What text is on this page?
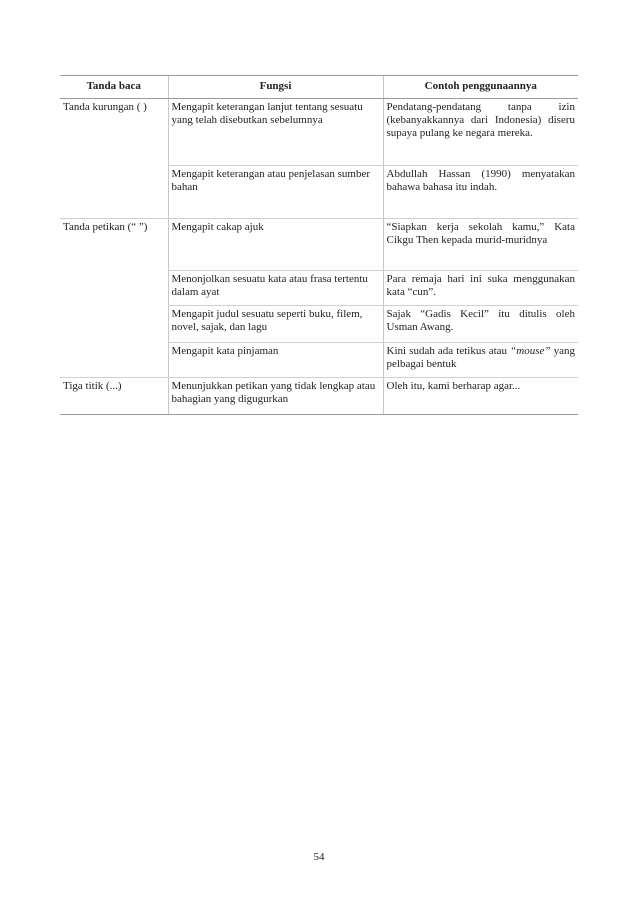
Tanda baca	Fungsi	Contoh penggunaannya
Tanda kurungan ( )	Mengapit keterangan lanjut tentang sesuatu yang telah disebutkan sebelumnya	Pendatang-pendatang tanpa izin (kebanyakkannya dari Indonesia) diseru supaya pulang ke negara mereka.
	Mengapit keterangan atau penjelasan sumber bahan	Abdullah Hassan (1990) menyatakan bahawa bahasa itu indah.
Tanda petikan (“ ”)	Mengapit cakap ajuk	“Siapkan kerja sekolah kamu,” Kata Cikgu Then kepada murid-muridnya
	Menonjolkan sesuatu kata atau frasa tertentu dalam ayat	Para remaja hari ini suka menggunakan kata “cun”.
	Mengapit judul sesuatu seperti buku, filem, novel, sajak, dan lagu	Sajak “Gadis Kecil” itu ditulis oleh Usman Awang.
	Mengapit kata pinjaman	Kini sudah ada tetikus atau “mouse” yang pelbagai bentuk
Tiga titik (...)	Menunjukkan petikan yang tidak lengkap atau bahagian yang digugurkan	Oleh itu, kami berharap agar...
54
